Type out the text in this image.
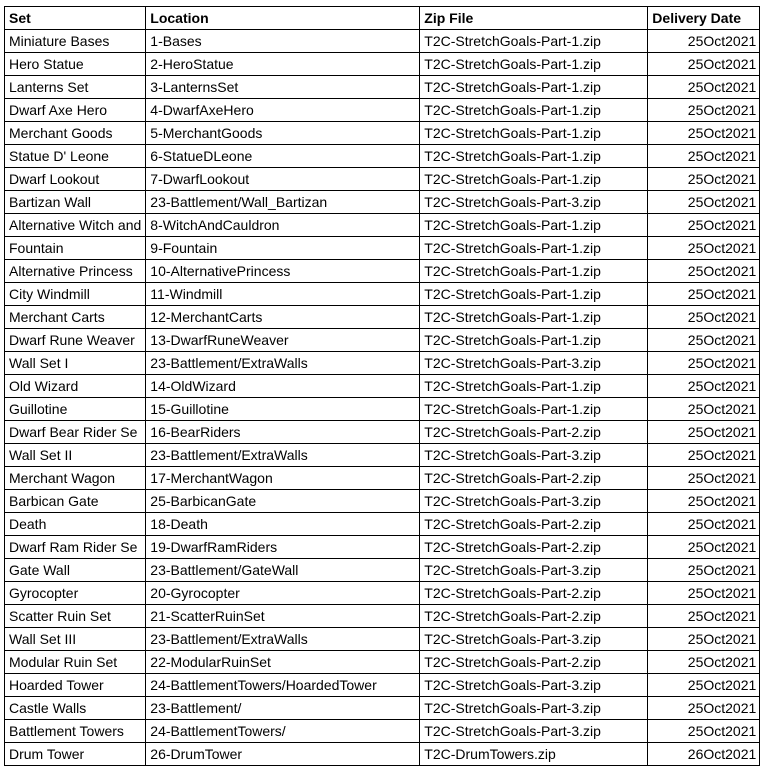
Set	Location	Zip File	Delivery Date
Miniature Bases	1-Bases	T2C-StretchGoals-Part-1.zip	25Oct2021
Hero Statue	2-HeroStatue	T2C-StretchGoals-Part-1.zip	25Oct2021
Lanterns Set	3-LanternsSet	T2C-StretchGoals-Part-1.zip	25Oct2021
Dwarf Axe Hero	4-DwarfAxeHero	T2C-StretchGoals-Part-1.zip	25Oct2021
Merchant Goods	5-MerchantGoods	T2C-StretchGoals-Part-1.zip	25Oct2021
Statue D' Leone	6-StatueDLeone	T2C-StretchGoals-Part-1.zip	25Oct2021
Dwarf Lookout	7-DwarfLookout	T2C-StretchGoals-Part-1.zip	25Oct2021
Bartizan Wall	23-Battlement/Wall_Bartizan	T2C-StretchGoals-Part-3.zip	25Oct2021
Alternative Witch and	8-WitchAndCauldron	T2C-StretchGoals-Part-1.zip	25Oct2021
Fountain	9-Fountain	T2C-StretchGoals-Part-1.zip	25Oct2021
Alternative Princess	10-AlternativePrincess	T2C-StretchGoals-Part-1.zip	25Oct2021
City Windmill	11-Windmill	T2C-StretchGoals-Part-1.zip	25Oct2021
Merchant Carts	12-MerchantCarts	T2C-StretchGoals-Part-1.zip	25Oct2021
Dwarf Rune Weaver	13-DwarfRuneWeaver	T2C-StretchGoals-Part-1.zip	25Oct2021
Wall Set I	23-Battlement/ExtraWalls	T2C-StretchGoals-Part-3.zip	25Oct2021
Old Wizard	14-OldWizard	T2C-StretchGoals-Part-1.zip	25Oct2021
Guillotine	15-Guillotine	T2C-StretchGoals-Part-1.zip	25Oct2021
Dwarf Bear Rider Se	16-BearRiders	T2C-StretchGoals-Part-2.zip	25Oct2021
Wall Set II	23-Battlement/ExtraWalls	T2C-StretchGoals-Part-3.zip	25Oct2021
Merchant Wagon	17-MerchantWagon	T2C-StretchGoals-Part-2.zip	25Oct2021
Barbican Gate	25-BarbicanGate	T2C-StretchGoals-Part-3.zip	25Oct2021
Death	18-Death	T2C-StretchGoals-Part-2.zip	25Oct2021
Dwarf Ram Rider Se	19-DwarfRamRiders	T2C-StretchGoals-Part-2.zip	25Oct2021
Gate Wall	23-Battlement/GateWall	T2C-StretchGoals-Part-3.zip	25Oct2021
Gyrocopter	20-Gyrocopter	T2C-StretchGoals-Part-2.zip	25Oct2021
Scatter Ruin Set	21-ScatterRuinSet	T2C-StretchGoals-Part-2.zip	25Oct2021
Wall Set III	23-Battlement/ExtraWalls	T2C-StretchGoals-Part-3.zip	25Oct2021
Modular Ruin Set	22-ModularRuinSet	T2C-StretchGoals-Part-2.zip	25Oct2021
Hoarded Tower	24-BattlementTowers/HoardedTower	T2C-StretchGoals-Part-3.zip	25Oct2021
Castle Walls	23-Battlement/	T2C-StretchGoals-Part-3.zip	25Oct2021
Battlement Towers	24-BattlementTowers/	T2C-StretchGoals-Part-3.zip	25Oct2021
Drum Tower	26-DrumTower	T2C-DrumTowers.zip	26Oct2021
